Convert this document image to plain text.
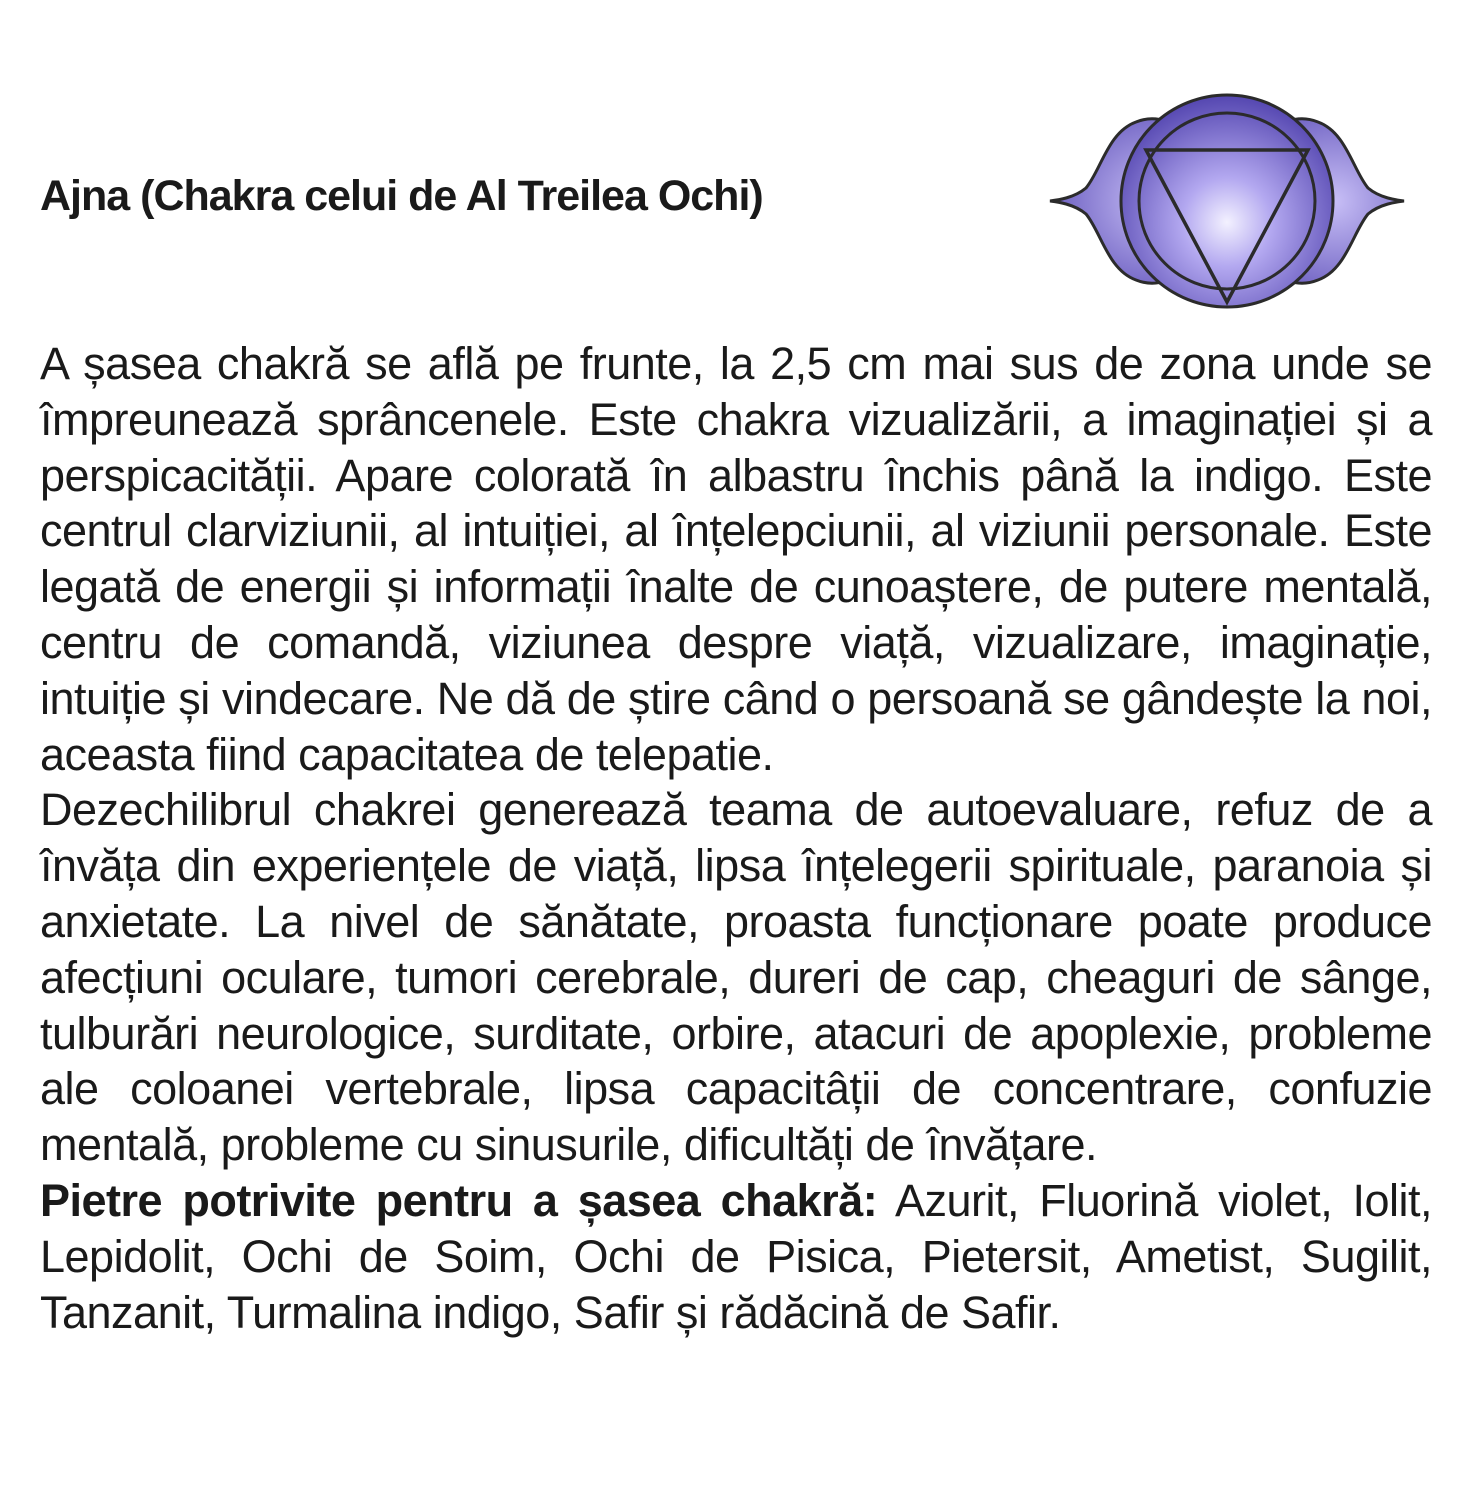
Ajna (Chakra celui de Al Treilea Ochi)

A șasea chakră se află pe frunte, la 2,5 cm mai sus de zona unde se împreunează sprâncenele. Este chakra vizualizării, a imaginației și a perspicacității. Apare colorată în albastru închis până la indigo. Este centrul clarviziunii, al intuiției, al înțelepciunii, al viziunii personale. Este legată de energii și informații înalte de cunoaștere, de putere mentală, centru de comandă, viziunea despre viață, vizualizare, imaginație, intuiție și vindecare. Ne dă de știre când o persoană se gândește la noi, aceasta fiind capacitatea de telepatie.

Dezechilibrul chakrei generează teama de autoevaluare, refuz de a învăța din experiențele de viață, lipsa înțelegerii spirituale, paranoia și anxietate. La nivel de sănătate, proasta funcționare poate produce afecțiuni oculare, tumori cerebrale, dureri de cap, cheaguri de sânge, tulburări neurologice, surditate, orbire, atacuri de apoplexie, probleme ale coloanei vertebrale, lipsa capacitâții de concentrare, confuzie mentală, probleme cu sinusurile, dificultăți de învățare.

Pietre potrivite pentru a șasea chakră: Azurit, Fluorină violet, Iolit, Lepidolit, Ochi de Soim, Ochi de Pisica, Pietersit, Ametist, Sugilit, Tanzanit, Turmalina indigo, Safir și rădăcină de Safir.
